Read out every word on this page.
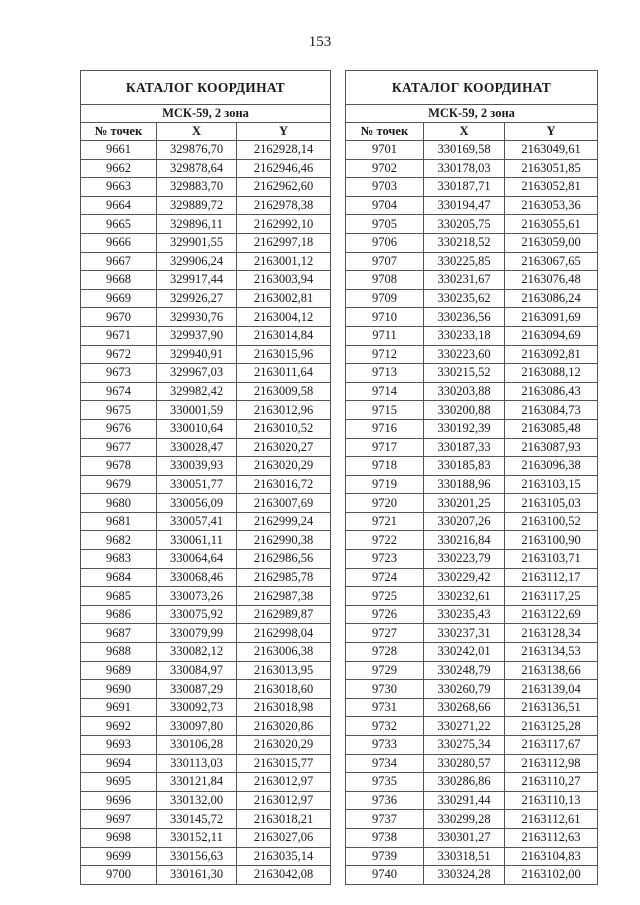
153
КАТАЛОГ КООРДИНАТ		
МСК-59, 2 зона		
№ точек	X	Y
9661	329876,70	2162928,14
9662	329878,64	2162946,46
9663	329883,70	2162962,60
9664	329889,72	2162978,38
9665	329896,11	2162992,10
9666	329901,55	2162997,18
9667	329906,24	2163001,12
9668	329917,44	2163003,94
9669	329926,27	2163002,81
9670	329930,76	2163004,12
9671	329937,90	2163014,84
9672	329940,91	2163015,96
9673	329967,03	2163011,64
9674	329982,42	2163009,58
9675	330001,59	2163012,96
9676	330010,64	2163010,52
9677	330028,47	2163020,27
9678	330039,93	2163020,29
9679	330051,77	2163016,72
9680	330056,09	2163007,69
9681	330057,41	2162999,24
9682	330061,11	2162990,38
9683	330064,64	2162986,56
9684	330068,46	2162985,78
9685	330073,26	2162987,38
9686	330075,92	2162989,87
9687	330079,99	2162998,04
9688	330082,12	2163006,38
9689	330084,97	2163013,95
9690	330087,29	2163018,60
9691	330092,73	2163018,98
9692	330097,80	2163020,86
9693	330106,28	2163020,29
9694	330113,03	2163015,77
9695	330121,84	2163012,97
9696	330132,00	2163012,97
9697	330145,72	2163018,21
9698	330152,11	2163027,06
9699	330156,63	2163035,14
9700	330161,30	2163042,08
КАТАЛОГ КООРДИНАТ		
МСК-59, 2 зона		
№ точек	X	Y
9701	330169,58	2163049,61
9702	330178,03	2163051,85
9703	330187,71	2163052,81
9704	330194,47	2163053,36
9705	330205,75	2163055,61
9706	330218,52	2163059,00
9707	330225,85	2163067,65
9708	330231,67	2163076,48
9709	330235,62	2163086,24
9710	330236,56	2163091,69
9711	330233,18	2163094,69
9712	330223,60	2163092,81
9713	330215,52	2163088,12
9714	330203,88	2163086,43
9715	330200,88	2163084,73
9716	330192,39	2163085,48
9717	330187,33	2163087,93
9718	330185,83	2163096,38
9719	330188,96	2163103,15
9720	330201,25	2163105,03
9721	330207,26	2163100,52
9722	330216,84	2163100,90
9723	330223,79	2163103,71
9724	330229,42	2163112,17
9725	330232,61	2163117,25
9726	330235,43	2163122,69
9727	330237,31	2163128,34
9728	330242,01	2163134,53
9729	330248,79	2163138,66
9730	330260,79	2163139,04
9731	330268,66	2163136,51
9732	330271,22	2163125,28
9733	330275,34	2163117,67
9734	330280,57	2163112,98
9735	330286,86	2163110,27
9736	330291,44	2163110,13
9737	330299,28	2163112,61
9738	330301,27	2163112,63
9739	330318,51	2163104,83
9740	330324,28	2163102,00
